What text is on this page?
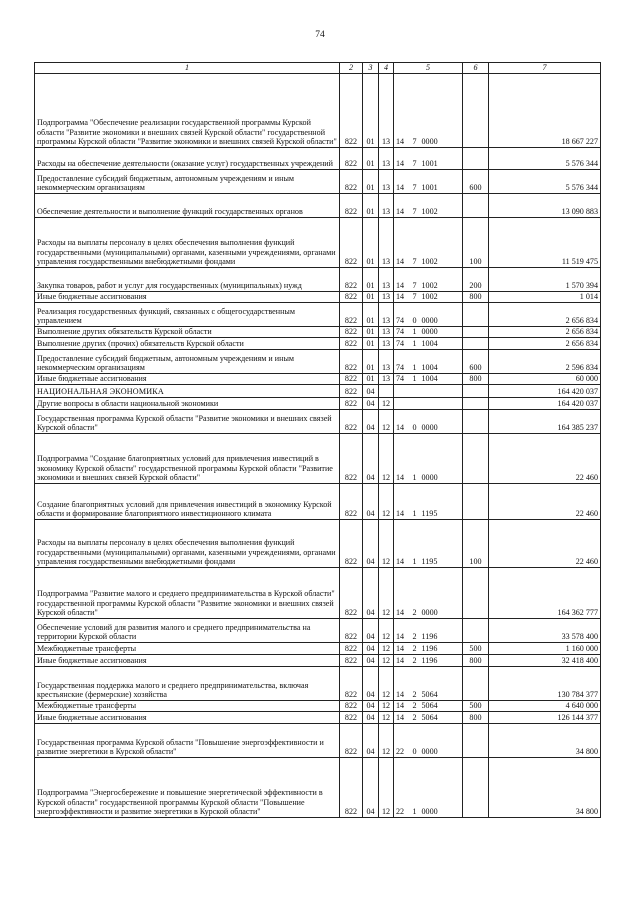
74
1	2	3	4	5			6	7
Подпрограмма "Обеспечение реализации государственной программы Курской области "Развитие экономики и внешних связей Курской области" государственной программы Курской области "Развитие экономики и внешних связей Курской области"	822	01	13	14	7	0000		18 667 227
Расходы на обеспечение деятельности (оказание услуг) государственных учреждений	822	01	13	14	7	1001		5 576 344
Предоставление субсидий бюджетным, автономным учреждениям и иным некоммерческим организациям	822	01	13	14	7	1001	600	5 576 344
Обеспечение деятельности и выполнение функций государственных органов	822	01	13	14	7	1002		13 090 883
Расходы на выплаты персоналу в целях обеспечения выполнения функций государственными (муниципальными) органами, казенными учреждениями, органами управления государственными внебюджетными фондами	822	01	13	14	7	1002	100	11 519 475
Закупка товаров, работ и услуг для государственных (муниципальных) нужд	822	01	13	14	7	1002	200	1 570 394
Иные бюджетные ассигнования	822	01	13	14	7	1002	800	1 014
Реализация государственных функций, связанных с общегосударственным управлением	822	01	13	74	0	0000		2 656 834
Выполнение других обязательств Курской области	822	01	13	74	1	0000		2 656 834
Выполнение других (прочих) обязательств Курской области	822	01	13	74	1	1004		2 656 834
Предоставление субсидий бюджетным, автономным учреждениям и иным некоммерческим организациям	822	01	13	74	1	1004	600	2 596 834
Иные бюджетные ассигнования	822	01	13	74	1	1004	800	60 000
НАЦИОНАЛЬНАЯ ЭКОНОМИКА	822	04						164 420 037
Другие вопросы в области национальной экономики	822	04	12					164 420 037
Государственная программа Курской области "Развитие экономики и внешних связей Курской области"	822	04	12	14	0	0000		164 385 237
Подпрограмма "Создание благоприятных условий для привлечения инвестиций в экономику Курской области" государственной программы Курской области "Развитие экономики и внешних связей Курской области"	822	04	12	14	1	0000		22 460
Создание благоприятных условий для привлечения инвестиций в экономику Курской области и формирование благоприятного инвестиционного климата	822	04	12	14	1	1195		22 460
Расходы на выплаты персоналу в целях обеспечения выполнения функций государственными (муниципальными) органами, казенными учреждениями, органами управления государственными внебюджетными фондами	822	04	12	14	1	1195	100	22 460
Подпрограмма "Развитие малого и среднего предпринимательства в Курской области" государственной программы Курской области "Развитие экономики и внешних связей Курской области"	822	04	12	14	2	0000		164 362 777
Обеспечение условий для развития малого и среднего предпринимательства на территории Курской области	822	04	12	14	2	1196		33 578 400
Межбюджетные трансферты	822	04	12	14	2	1196	500	1 160 000
Иные бюджетные ассигнования	822	04	12	14	2	1196	800	32 418 400
Государственная поддержка малого и среднего предпринимательства, включая крестьянские (фермерские) хозяйства	822	04	12	14	2	5064		130 784 377
Межбюджетные трансферты	822	04	12	14	2	5064	500	4 640 000
Иные бюджетные ассигнования	822	04	12	14	2	5064	800	126 144 377
Государственная программа Курской области "Повышение энергоэффективности и развитие энергетики в Курской области"	822	04	12	22	0	0000		34 800
Подпрограмма "Энергосбережение и повышение энергетической эффективности в Курской области" государственной программы Курской области "Повышение энергоэффективности и развитие энергетики в Курской области"	822	04	12	22	1	0000		34 800
